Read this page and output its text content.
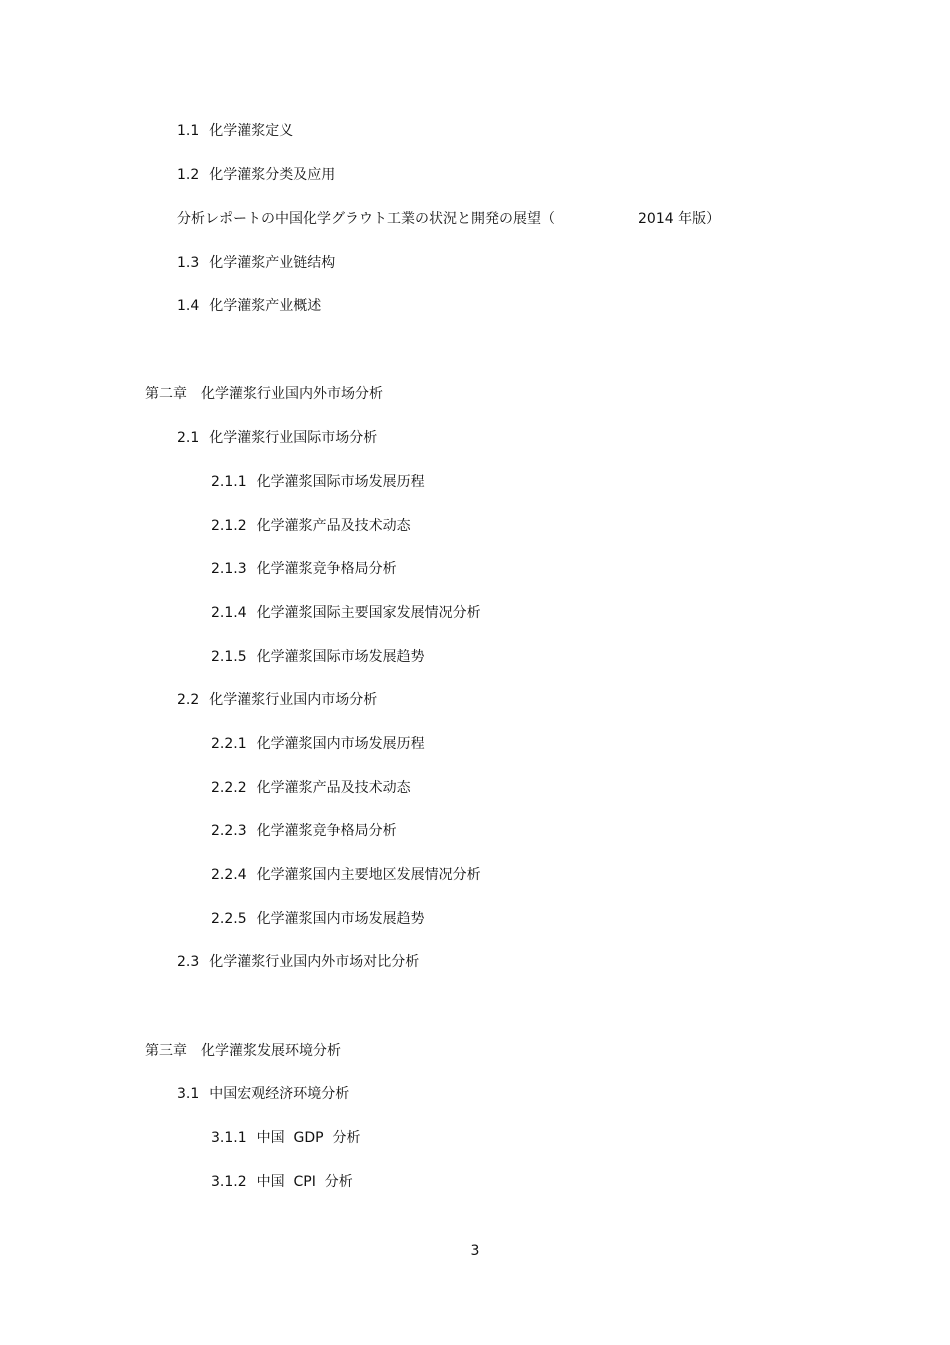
1.1 化学灌浆定义
1.2 化学灌浆分类及应用
分析レポートの中国化学グラウト工業の状況と開発の展望（	2014 年版）
1.3 化学灌浆产业链结构
1.4 化学灌浆产业概述
第二章 化学灌浆行业国内外市场分析
2.1 化学灌浆行业国际市场分析
2.1.1 化学灌浆国际市场发展历程
2.1.2 化学灌浆产品及技术动态
2.1.3 化学灌浆竞争格局分析
2.1.4 化学灌浆国际主要国家发展情况分析
2.1.5 化学灌浆国际市场发展趋势
2.2 化学灌浆行业国内市场分析
2.2.1 化学灌浆国内市场发展历程
2.2.2 化学灌浆产品及技术动态
2.2.3 化学灌浆竞争格局分析
2.2.4 化学灌浆国内主要地区发展情况分析
2.2.5 化学灌浆国内市场发展趋势
2.3 化学灌浆行业国内外市场对比分析
第三章 化学灌浆发展环境分析
3.1 中国宏观经济环境分析
3.1.1 中国  GDP  分析
3.1.2 中国  CPI  分析
3
